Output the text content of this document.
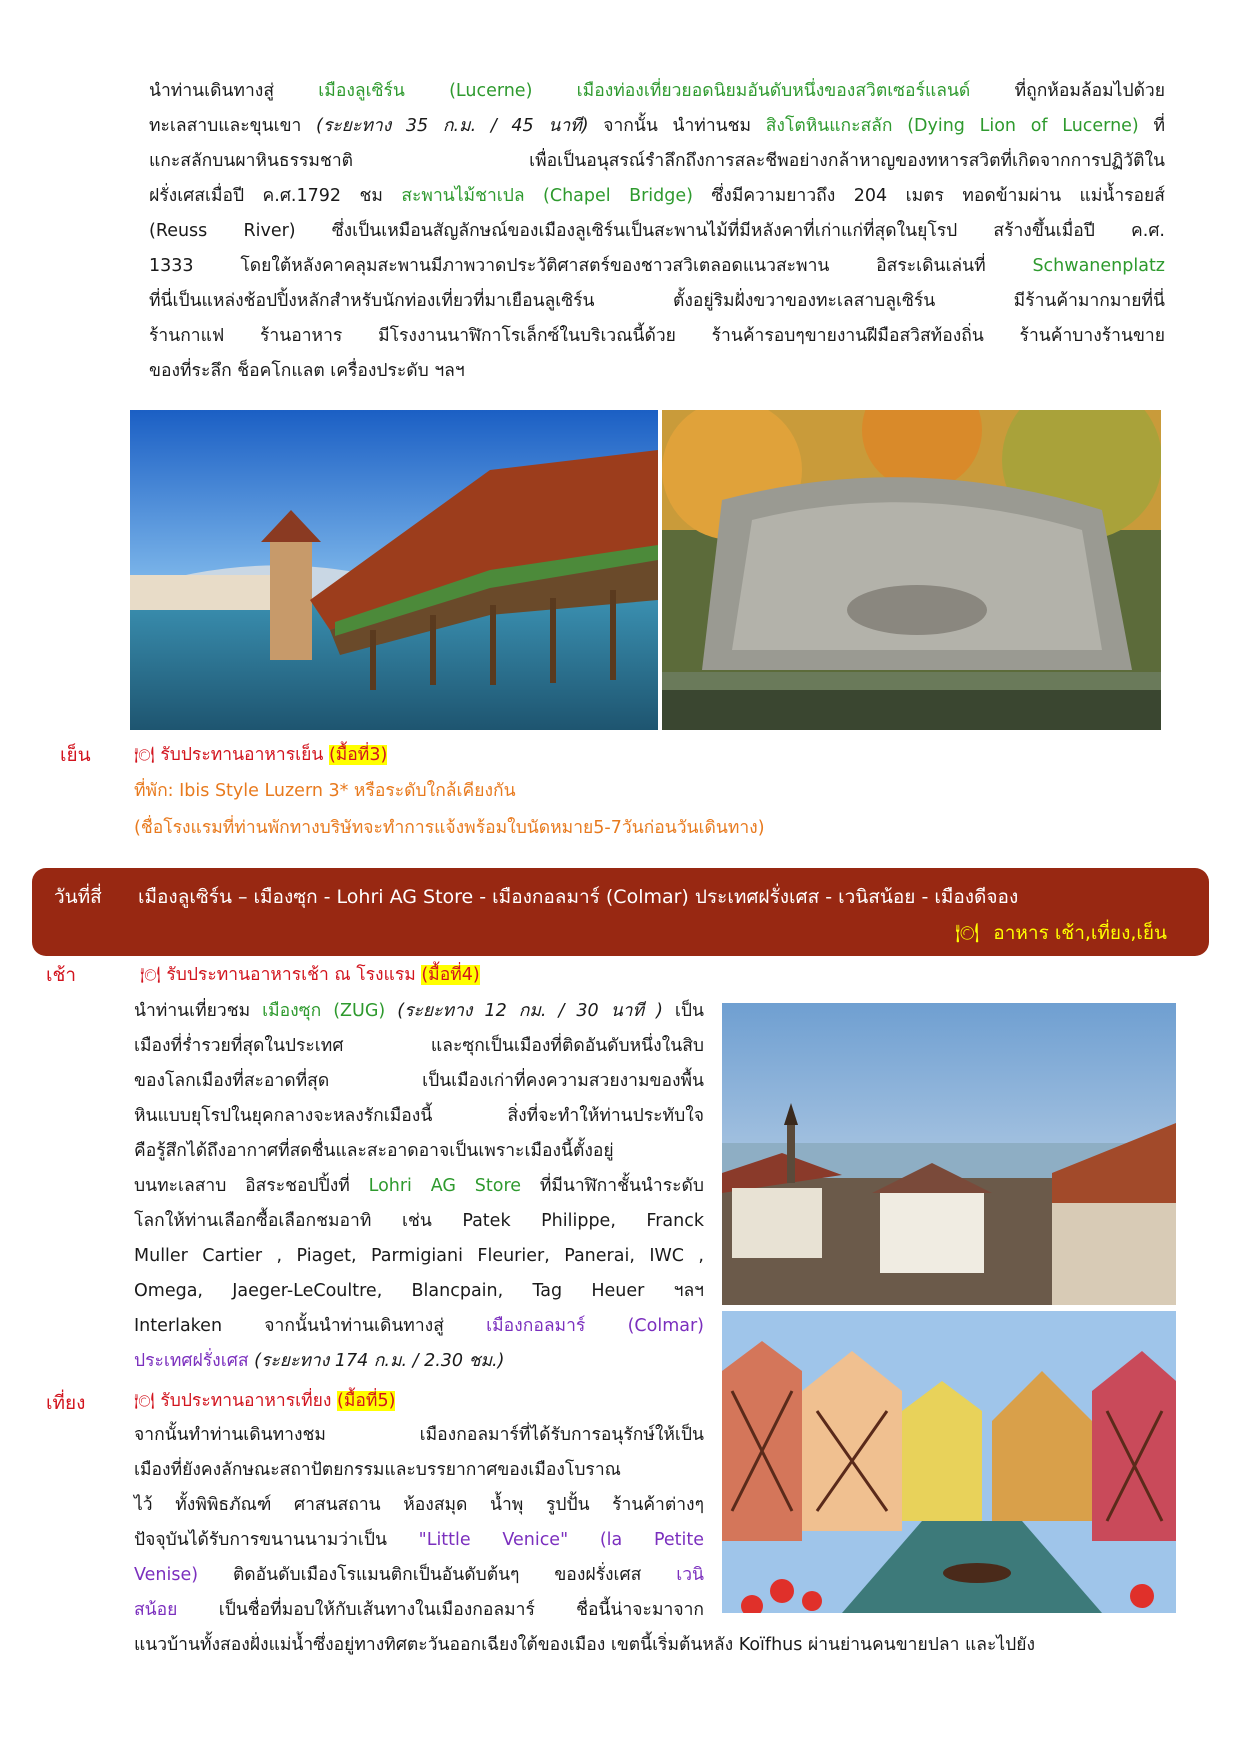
นำท่านเดินทางสู่ เมืองลูเซิร์น (Lucerne) เมืองท่องเที่ยวยอดนิยมอันดับหนึ่งของสวิตเซอร์แลนด์ ที่ถูกห้อมล้อมไปด้วย
ทะเลสาบและขุนเขา (ระยะทาง 35 ก.ม. / 45 นาที) จากนั้น นำท่านชม สิงโตหินแกะสลัก (Dying Lion of Lucerne) ที่
แกะสลักบนผาหินธรรมชาติ เพื่อเป็นอนุสรณ์รำลึกถึงการสละชีพอย่างกล้าหาญของทหารสวิตที่เกิดจากการปฏิวัติใน
ฝรั่งเศสเมื่อปี ค.ศ.1792 ชม สะพานไม้ชาเปล (Chapel Bridge) ซึ่งมีความยาวถึง 204 เมตร ทอดข้ามผ่าน แม่น้ำรอยส์
(Reuss River) ซึ่งเป็นเหมือนสัญลักษณ์ของเมืองลูเซิร์นเป็นสะพานไม้ที่มีหลังคาที่เก่าแก่ที่สุดในยุโรป สร้างขึ้นเมื่อปี ค.ศ.
1333 โดยใต้หลังคาคลุมสะพานมีภาพวาดประวัติศาสตร์ของชาวสวิเตลอดแนวสะพาน อิสระเดินเล่นที่ Schwanenplatz
ที่นี่เป็นแหล่งช้อปปิ้งหลักสำหรับนักท่องเที่ยวที่มาเยือนลูเซิร์น ตั้งอยู่ริมฝั่งขวาของทะเลสาบลูเซิร์น มีร้านค้ามากมายที่นี่
ร้านกาแฟ ร้านอาหาร มีโรงงานนาฬิกาโรเล็กซ์ในบริเวณนี้ด้วย ร้านค้ารอบๆขายงานฝีมือสวิสท้องถิ่น ร้านค้าบางร้านขาย
ของที่ระลึก ช็อคโกแลต เครื่องประดับ ฯลฯ
เย็น	🍽 รับประทานอาหารเย็น (มื้อที่3)
ที่พัก: Ibis Style Luzern 3* หรือระดับใกล้เคียงกัน
(ชื่อโรงแรมที่ท่านพักทางบริษัทจะทำการแจ้งพร้อมใบนัดหมาย5-7วันก่อนวันเดินทาง)
วันที่สี่ เมืองลูเซิร์น – เมืองซุก - Lohri AG Store - เมืองกอลมาร์ (Colmar) ประเทศฝรั่งเศส - เวนิสน้อย - เมืองดีจอง
🍽 อาหาร เช้า,เที่ยง,เย็น
เช้า	🍽 รับประทานอาหารเช้า ณ โรงแรม (มื้อที่4)
นำท่านเที่ยวชม เมืองซุก (ZUG) (ระยะทาง 12 กม. / 30 นาที ) เป็น
เมืองที่ร่ำรวยที่สุดในประเทศ และซุกเป็นเมืองที่ติดอันดับหนึ่งในสิบ
ของโลกเมืองที่สะอาดที่สุด เป็นเมืองเก่าที่คงความสวยงามของพื้น
หินแบบยุโรปในยุคกลางจะหลงรักเมืองนี้ สิ่งที่จะทำให้ท่านประทับใจ
คือรู้สึกได้ถึงอากาศที่สดชื่นและสะอาดอาจเป็นเพราะเมืองนี้ตั้งอยู่
บนทะเลสาบ อิสระชอปปิ้งที่ Lohri AG Store ที่มีนาฬิกาชั้นนำระดับ
โลกให้ท่านเลือกซื้อเลือกชมอาทิ เช่น Patek Philippe, Franck
Muller Cartier , Piaget, Parmigiani Fleurier, Panerai, IWC ,
Omega, Jaeger-LeCoultre, Blancpain, Tag Heuer ฯลฯ
Interlaken จากนั้นนำท่านเดินทางสู่ เมืองกอลมาร์ (Colmar)
ประเทศฝรั่งเศส (ระยะทาง 174 ก.ม. / 2.30 ชม.)
เที่ยง	🍽 รับประทานอาหารเที่ยง (มื้อที่5)
จากนั้นทำท่านเดินทางชม เมืองกอลมาร์ที่ได้รับการอนุรักษ์ให้เป็น
เมืองที่ยังคงลักษณะสถาปัตยกรรมและบรรยากาศของเมืองโบราณ
ไว้ ทั้งพิพิธภัณฑ์ ศาสนสถาน ห้องสมุด น้ำพุ รูปปั้น ร้านค้าต่างๆ
ปัจจุบันได้รับการขนานนามว่าเป็น "Little Venice" (la Petite
Venise) ติดอันดับเมืองโรแมนติกเป็นอันดับต้นๆ ของฝรั่งเศส เวนิ
สน้อย เป็นชื่อที่มอบให้กับเส้นทางในเมืองกอลมาร์ ชื่อนี้น่าจะมาจาก
แนวบ้านทั้งสองฝั่งแม่น้ำซึ่งอยู่ทางทิศตะวันออกเฉียงใต้ของเมือง เขตนี้เริ่มต้นหลัง Koïfhus ผ่านย่านคนขายปลา และไปยัง
